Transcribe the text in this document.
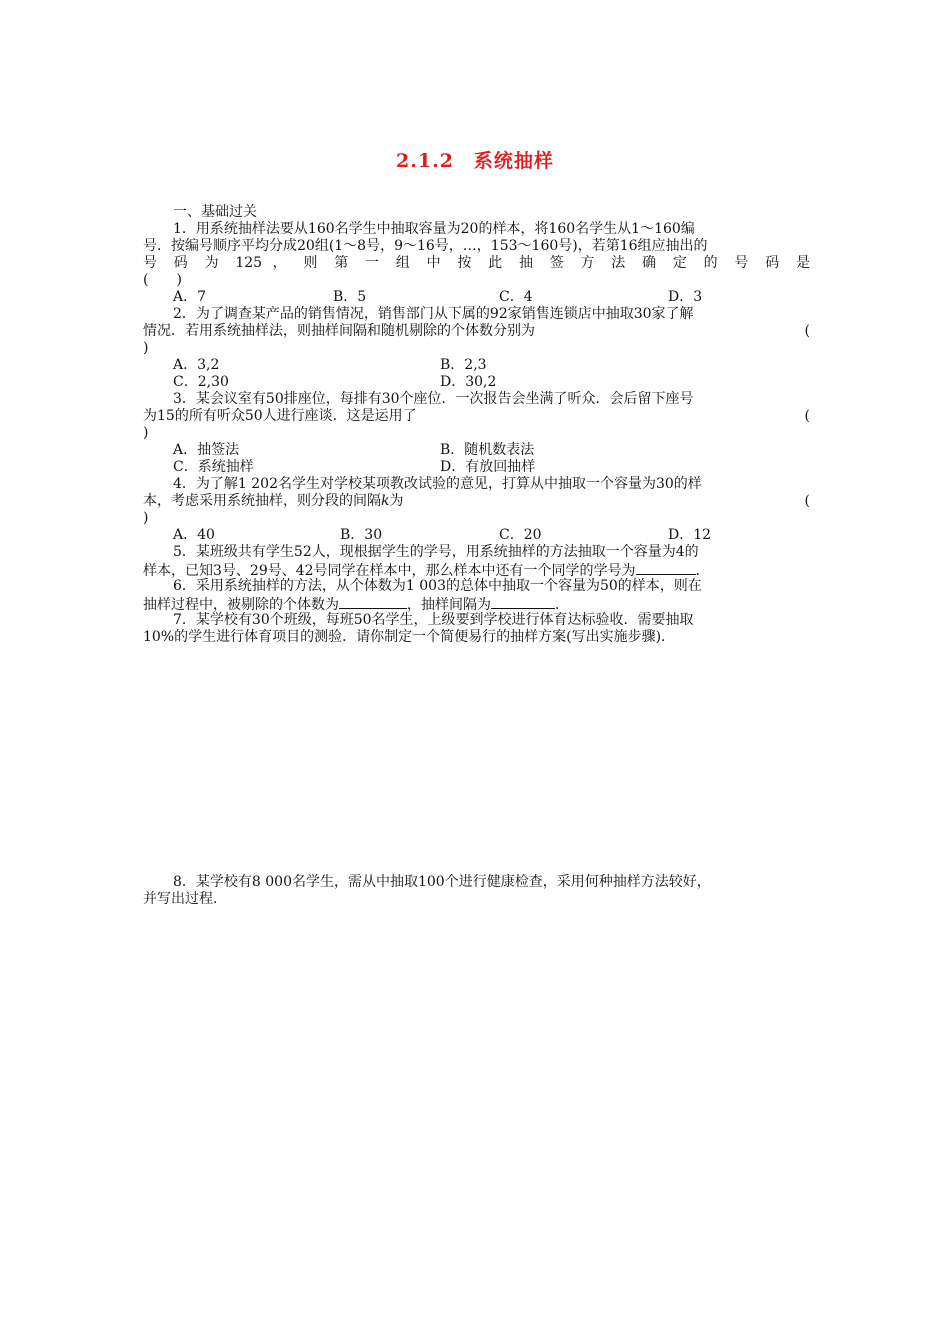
2.1.2　系统抽样
一、基础过关
1．用系统抽样法要从160名学生中抽取容量为20的样本，将160名学生从1～160编
号．按编号顺序平均分成20组(1～8号，9～16号，…，153～160号)，若第16组应抽出的
号 码 为 125 ， 则 第 一 组 中 按 此 抽 签 方 法 确 定 的 号 码 是
(　　)
A．7	B．5	C．4	D．3
2．为了调查某产品的销售情况，销售部门从下属的92家销售连锁店中抽取30家了解
情况．若用系统抽样法，则抽样间隔和随机剔除的个体数分别为	(
)
A．3,2	B．2,3
C．2,30	D．30,2
3．某会议室有50排座位，每排有30个座位．一次报告会坐满了听众．会后留下座号
为15的所有听众50人进行座谈．这是运用了	(
)
A．抽签法	B．随机数表法
C．系统抽样	D．有放回抽样
4．为了解1 202名学生对学校某项教改试验的意见，打算从中抽取一个容量为30的样
本，考虑采用系统抽样，则分段的间隔k为	(
)
A．40	B．30	C．20	D．12
5．某班级共有学生52人，现根据学生的学号，用系统抽样的方法抽取一个容量为4的
样本，已知3号、29号、42号同学在样本中，那么样本中还有一个同学的学号为	．
6．采用系统抽样的方法，从个体数为1 003的总体中抽取一个容量为50的样本，则在
抽样过程中，被剔除的个体数为	，抽样间隔为	．
7．某学校有30个班级，每班50名学生，上级要到学校进行体育达标验收．需要抽取
10%的学生进行体育项目的测验．请你制定一个简便易行的抽样方案(写出实施步骤)．
8．某学校有8 000名学生，需从中抽取100个进行健康检查，采用何种抽样方法较好，
并写出过程．
